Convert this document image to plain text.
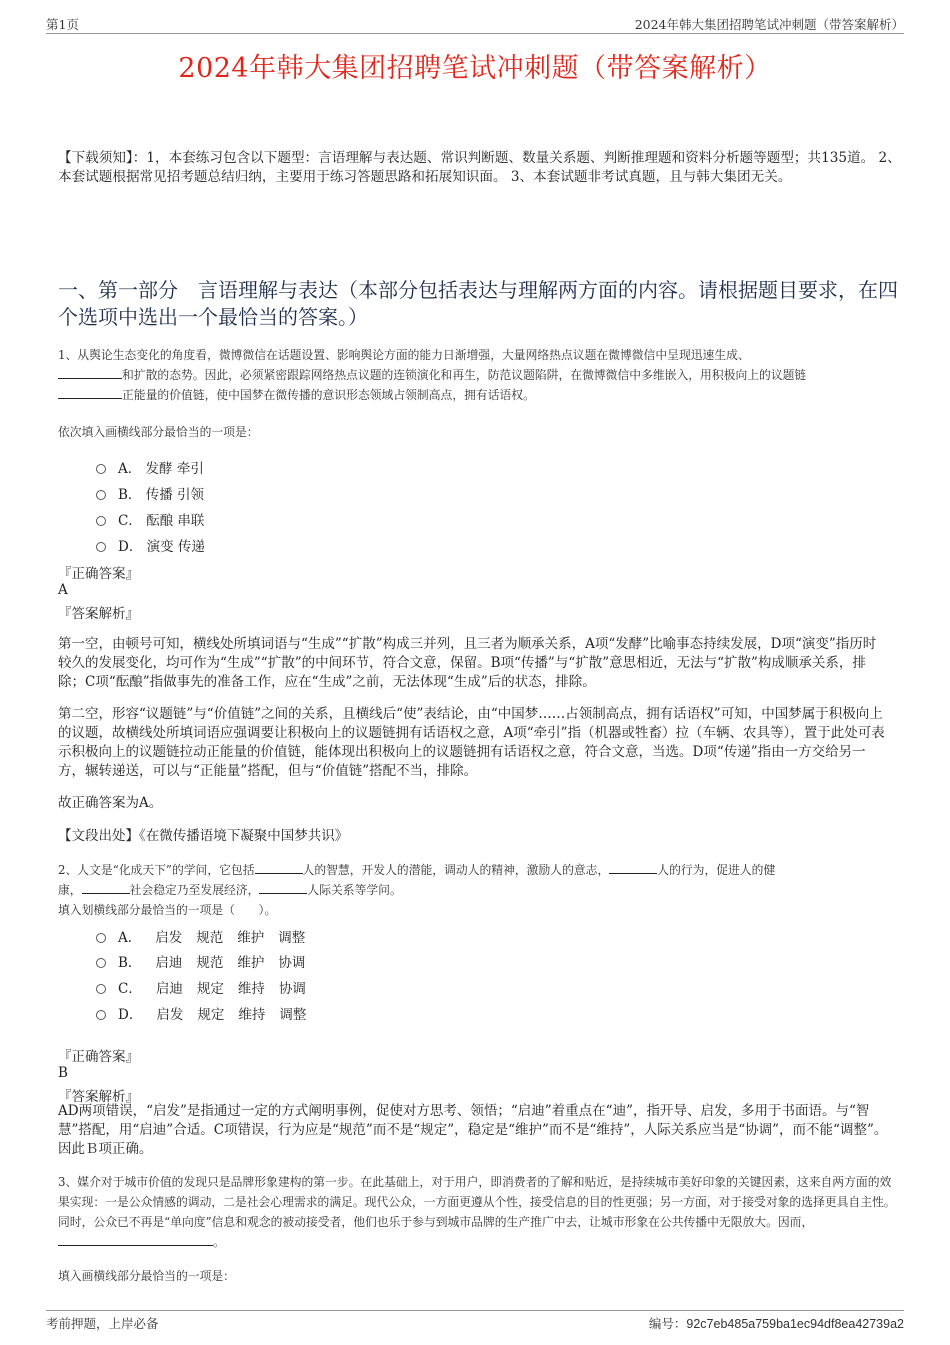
第1页	2024年韩大集团招聘笔试冲刺题（带答案解析）
2024年韩大集团招聘笔试冲刺题（带答案解析）
【下载须知】：1，本套练习包含以下题型：言语理解与表达题、常识判断题、数量关系题、判断推理题和资料分析题等题型；共135道。 2、本套试题根据常见招考题总结归纳，主要用于练习答题思路和拓展知识面。 3、本套试题非考试真题，且与韩大集团无关。
一、第一部分　言语理解与表达（本部分包括表达与理解两方面的内容。请根据题目要求，在四个选项中选出一个最恰当的答案。）
1、从舆论生态变化的角度看，微博微信在话题设置、影响舆论方面的能力日渐增强，大量网络热点议题在微博微信中呈现迅速生成、
和扩散的态势。因此，必须紧密跟踪网络热点议题的连锁演化和再生，防范议题陷阱，在微博微信中多维嵌入，用积极向上的议题链
正能量的价值链，使中国梦在微传播的意识形态领域占领制高点，拥有话语权。
依次填入画横线部分最恰当的一项是：
A． 发酵 牵引
B． 传播 引领
C． 酝酿 串联
D． 演变 传递
『正确答案』
A
『答案解析』
第一空，由顿号可知，横线处所填词语与“生成”“扩散”构成三并列，且三者为顺承关系，A项“发酵”比喻事态持续发展，D项“演变”指历时较久的发展变化，均可作为“生成”“扩散”的中间环节，符合文意，保留。B项“传播”与“扩散”意思相近，无法与“扩散”构成顺承关系，排除；C项“酝酿”指做事先的准备工作，应在“生成”之前，无法体现“生成”后的状态，排除。
第二空，形容“议题链”与“价值链”之间的关系，且横线后“使”表结论，由“中国梦……占领制高点，拥有话语权”可知，中国梦属于积极向上的议题，故横线处所填词语应强调要让积极向上的议题链拥有话语权之意，A项“牵引”指（机器或牲畜）拉（车辆、农具等），置于此处可表示积极向上的议题链拉动正能量的价值链，能体现出积极向上的议题链拥有话语权之意，符合文意，当选。D项“传递”指由一方交给另一方，辗转递送，可以与“正能量”搭配，但与“价值链”搭配不当，排除。
故正确答案为A。
【文段出处】《在微传播语境下凝聚中国梦共识》
2、人文是“化成天下”的学问，它包括	人的智慧，开发人的潜能，调动人的精神，激励人的意志，	人的行为，促进人的健
康，	社会稳定乃至发展经济，	人际关系等学问。
填入划横线部分最恰当的一项是（　　）。
A． 启发 规范 维护 调整
B． 启迪 规范 维护 协调
C． 启迪 规定 维持 协调
D． 启发 规定 维持 调整
『正确答案』
B
『答案解析』
AD两项错误，“启发”是指通过一定的方式阐明事例，促使对方思考、领悟；“启迪”着重点在“迪”，指开导、启发，多用于书面语。与“智慧”搭配，用“启迪”合适。C项错误，行为应是“规范”而不是“规定”，稳定是“维护”而不是“维持”，人际关系应当是“协调”，而不能“调整”。因此Ｂ项正确。
3、媒介对于城市价值的发现只是品牌形象建构的第一步。在此基础上，对于用户，即消费者的了解和贴近，是持续城市美好印象的关键因素，这来自两方面的效果实现：一是公众情感的调动，二是社会心理需求的满足。现代公众，一方面更遵从个性，接受信息的目的性更强；另一方面，对于接受对象的选择更具自主性。同时，公众已不再是“单向度”信息和观念的被动接受者，他们也乐于参与到城市品牌的生产推广中去，让城市形象在公共传播中无限放大。因而，。
填入画横线部分最恰当的一项是：
考前押题，上岸必备	编号：92c7eb485a759ba1ec94df8ea42739a2
